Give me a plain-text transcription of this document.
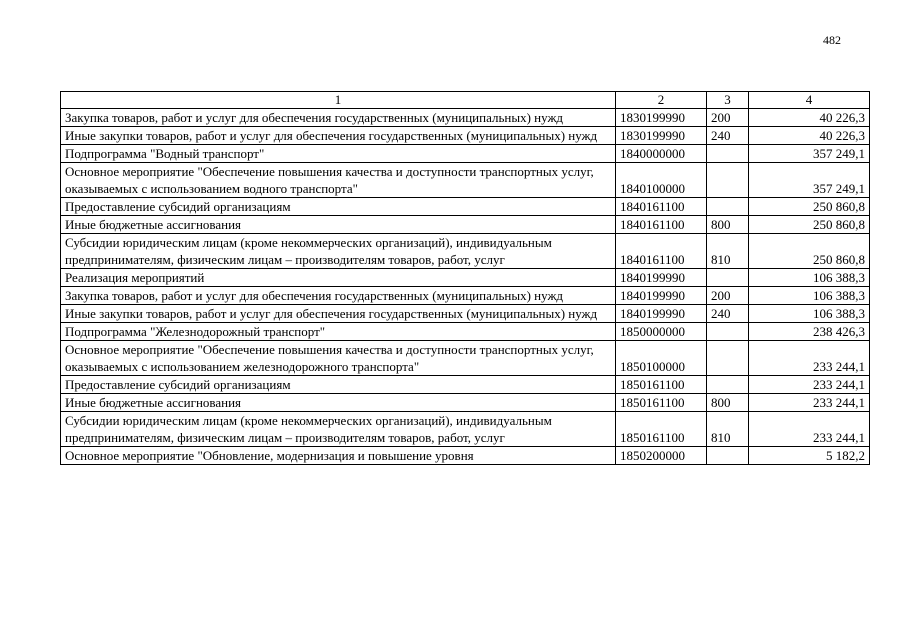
482
1	2	3	4
Закупка товаров, работ и услуг для обеспечения государственных (муниципальных) нужд	1830199990	200	40 226,3
Иные закупки товаров, работ и услуг для обеспечения государственных (муниципальных) нужд	1830199990	240	40 226,3
Подпрограмма "Водный транспорт"	1840000000		357 249,1
Основное мероприятие "Обеспечение повышения качества и доступности транспортных услуг, оказываемых с использованием водного транспорта"	1840100000		357 249,1
Предоставление субсидий организациям	1840161100		250 860,8
Иные бюджетные ассигнования	1840161100	800	250 860,8
Субсидии юридическим лицам (кроме некоммерческих организаций), индивидуальным предпринимателям, физическим лицам – производителям товаров, работ, услуг	1840161100	810	250 860,8
Реализация мероприятий	1840199990		106 388,3
Закупка товаров, работ и услуг для обеспечения государственных (муниципальных) нужд	1840199990	200	106 388,3
Иные закупки товаров, работ и услуг для обеспечения государственных (муниципальных) нужд	1840199990	240	106 388,3
Подпрограмма "Железнодорожный транспорт"	1850000000		238 426,3
Основное мероприятие "Обеспечение повышения качества и доступности транспортных услуг, оказываемых с использованием железнодорожного транспорта"	1850100000		233 244,1
Предоставление субсидий организациям	1850161100		233 244,1
Иные бюджетные ассигнования	1850161100	800	233 244,1
Субсидии юридическим лицам (кроме некоммерческих организаций), индивидуальным предпринимателям, физическим лицам – производителям товаров, работ, услуг	1850161100	810	233 244,1
Основное мероприятие "Обновление, модернизация и повышение уровня	1850200000		5 182,2
